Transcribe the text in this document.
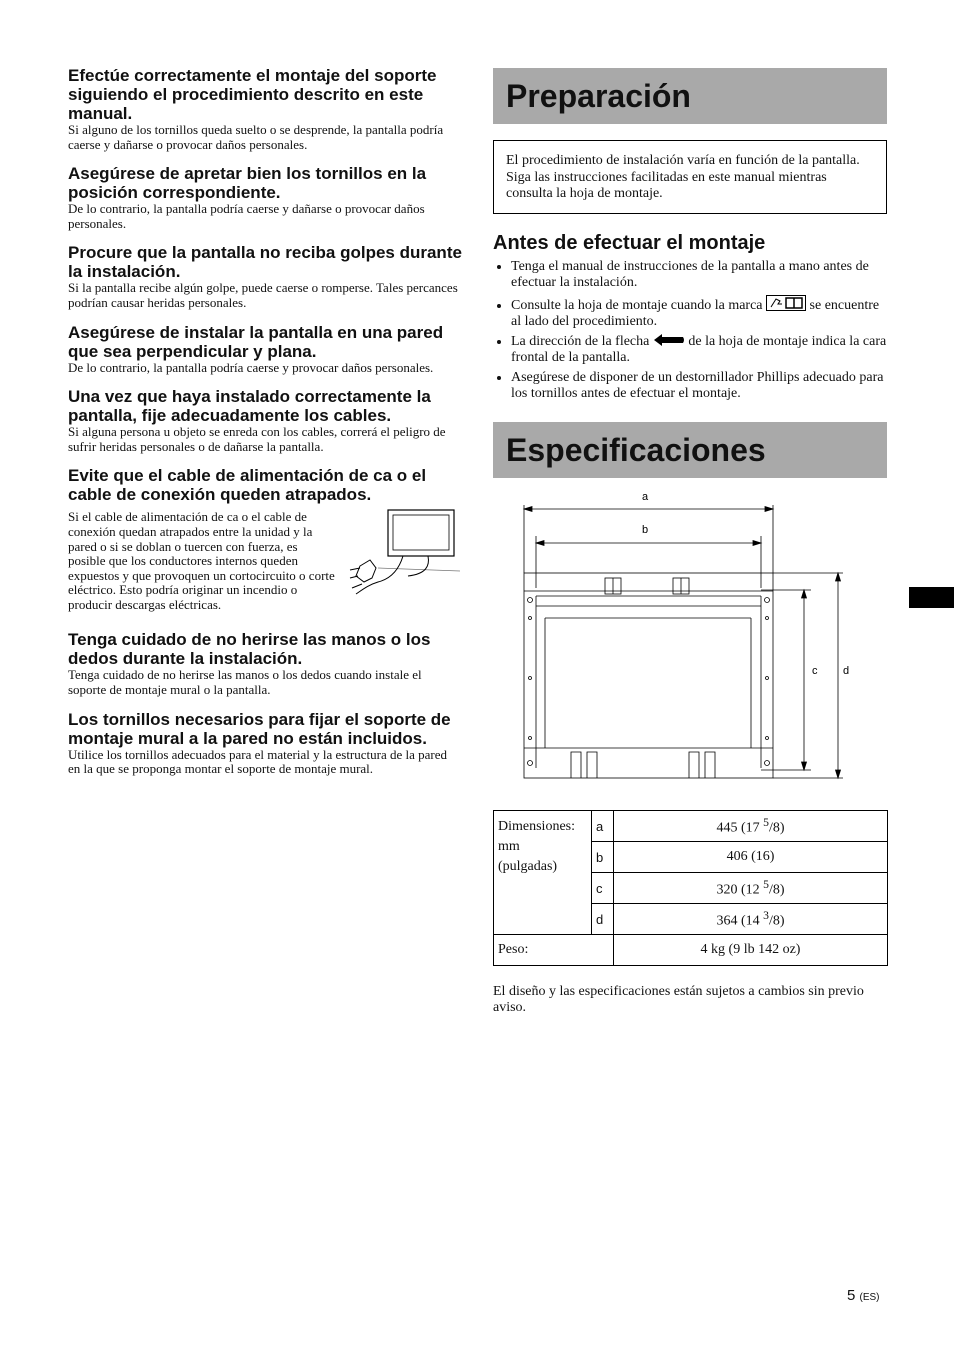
Efectúe correctamente el montaje del soporte siguiendo el procedimiento descrito en este manual.

Si alguno de los tornillos queda suelto o se desprende, la pantalla podría caerse y dañarse o provocar daños personales.

Asegúrese de apretar bien los tornillos en la posición correspondiente.

De lo contrario, la pantalla podría caerse y dañarse o provocar daños personales.

Procure que la pantalla no reciba golpes durante la instalación.

Si la pantalla recibe algún golpe, puede caerse o romperse. Tales percances podrían causar heridas personales.

Asegúrese de instalar la pantalla en una pared que sea perpendicular y plana.

De lo contrario, la pantalla podría caerse y provocar daños personales.

Una vez que haya instalado correctamente la pantalla, fije adecuadamente los cables.

Si alguna persona u objeto se enreda con los cables, correrá el peligro de sufrir heridas personales o de dañarse la pantalla.

Evite que el cable de alimentación de ca o el cable de conexión queden atrapados.
Si el cable de alimentación de ca o el cable de conexión quedan atrapados entre la unidad y la pared o si se doblan o tuercen con fuerza, es posible que los conductores internos queden expuestos y que provoquen un cortocircuito o corte eléctrico. Esto podría originar un incendio o producir descargas eléctricas.
Tenga cuidado de no herirse las manos o los dedos durante la instalación.

Tenga cuidado de no herirse las manos o los dedos cuando instale el soporte de montaje mural o la pantalla.

Los tornillos necesarios para fijar el soporte de montaje mural a la pared no están incluidos.

Utilice los tornillos adecuados para el material y la estructura de la pared en la que se proponga montar el soporte de montaje mural.

Preparación
El procedimiento de instalación varía en función de la pantalla. Siga las instrucciones facilitadas en este manual mientras consulta la hoja de montaje.
Antes de efectuar el montaje
• Tenga el manual de instrucciones de la pantalla a mano antes de efectuar la instalación.
• Consulte la hoja de montaje cuando la marca	se encuentre al lado del procedimiento.
• La dirección de la flecha	de la hoja de montaje indica la cara frontal de la pantalla.
• Asegúrese de disponer de un destornillador Phillips adecuado para los tornillos antes de efectuar el montaje.
Especificaciones
a
b
c d
Dimensiones:
mm
(pulgadas)	a	445 (17 $^5$/8)
	b	406 (16)
	c	320 (12 $^5$/8)
	d	364 (14 $^3$/8)
Peso:		4 kg (9 lb 142 oz)
El diseño y las especificaciones están sujetos a cambios sin previo aviso.
5 (ES)
